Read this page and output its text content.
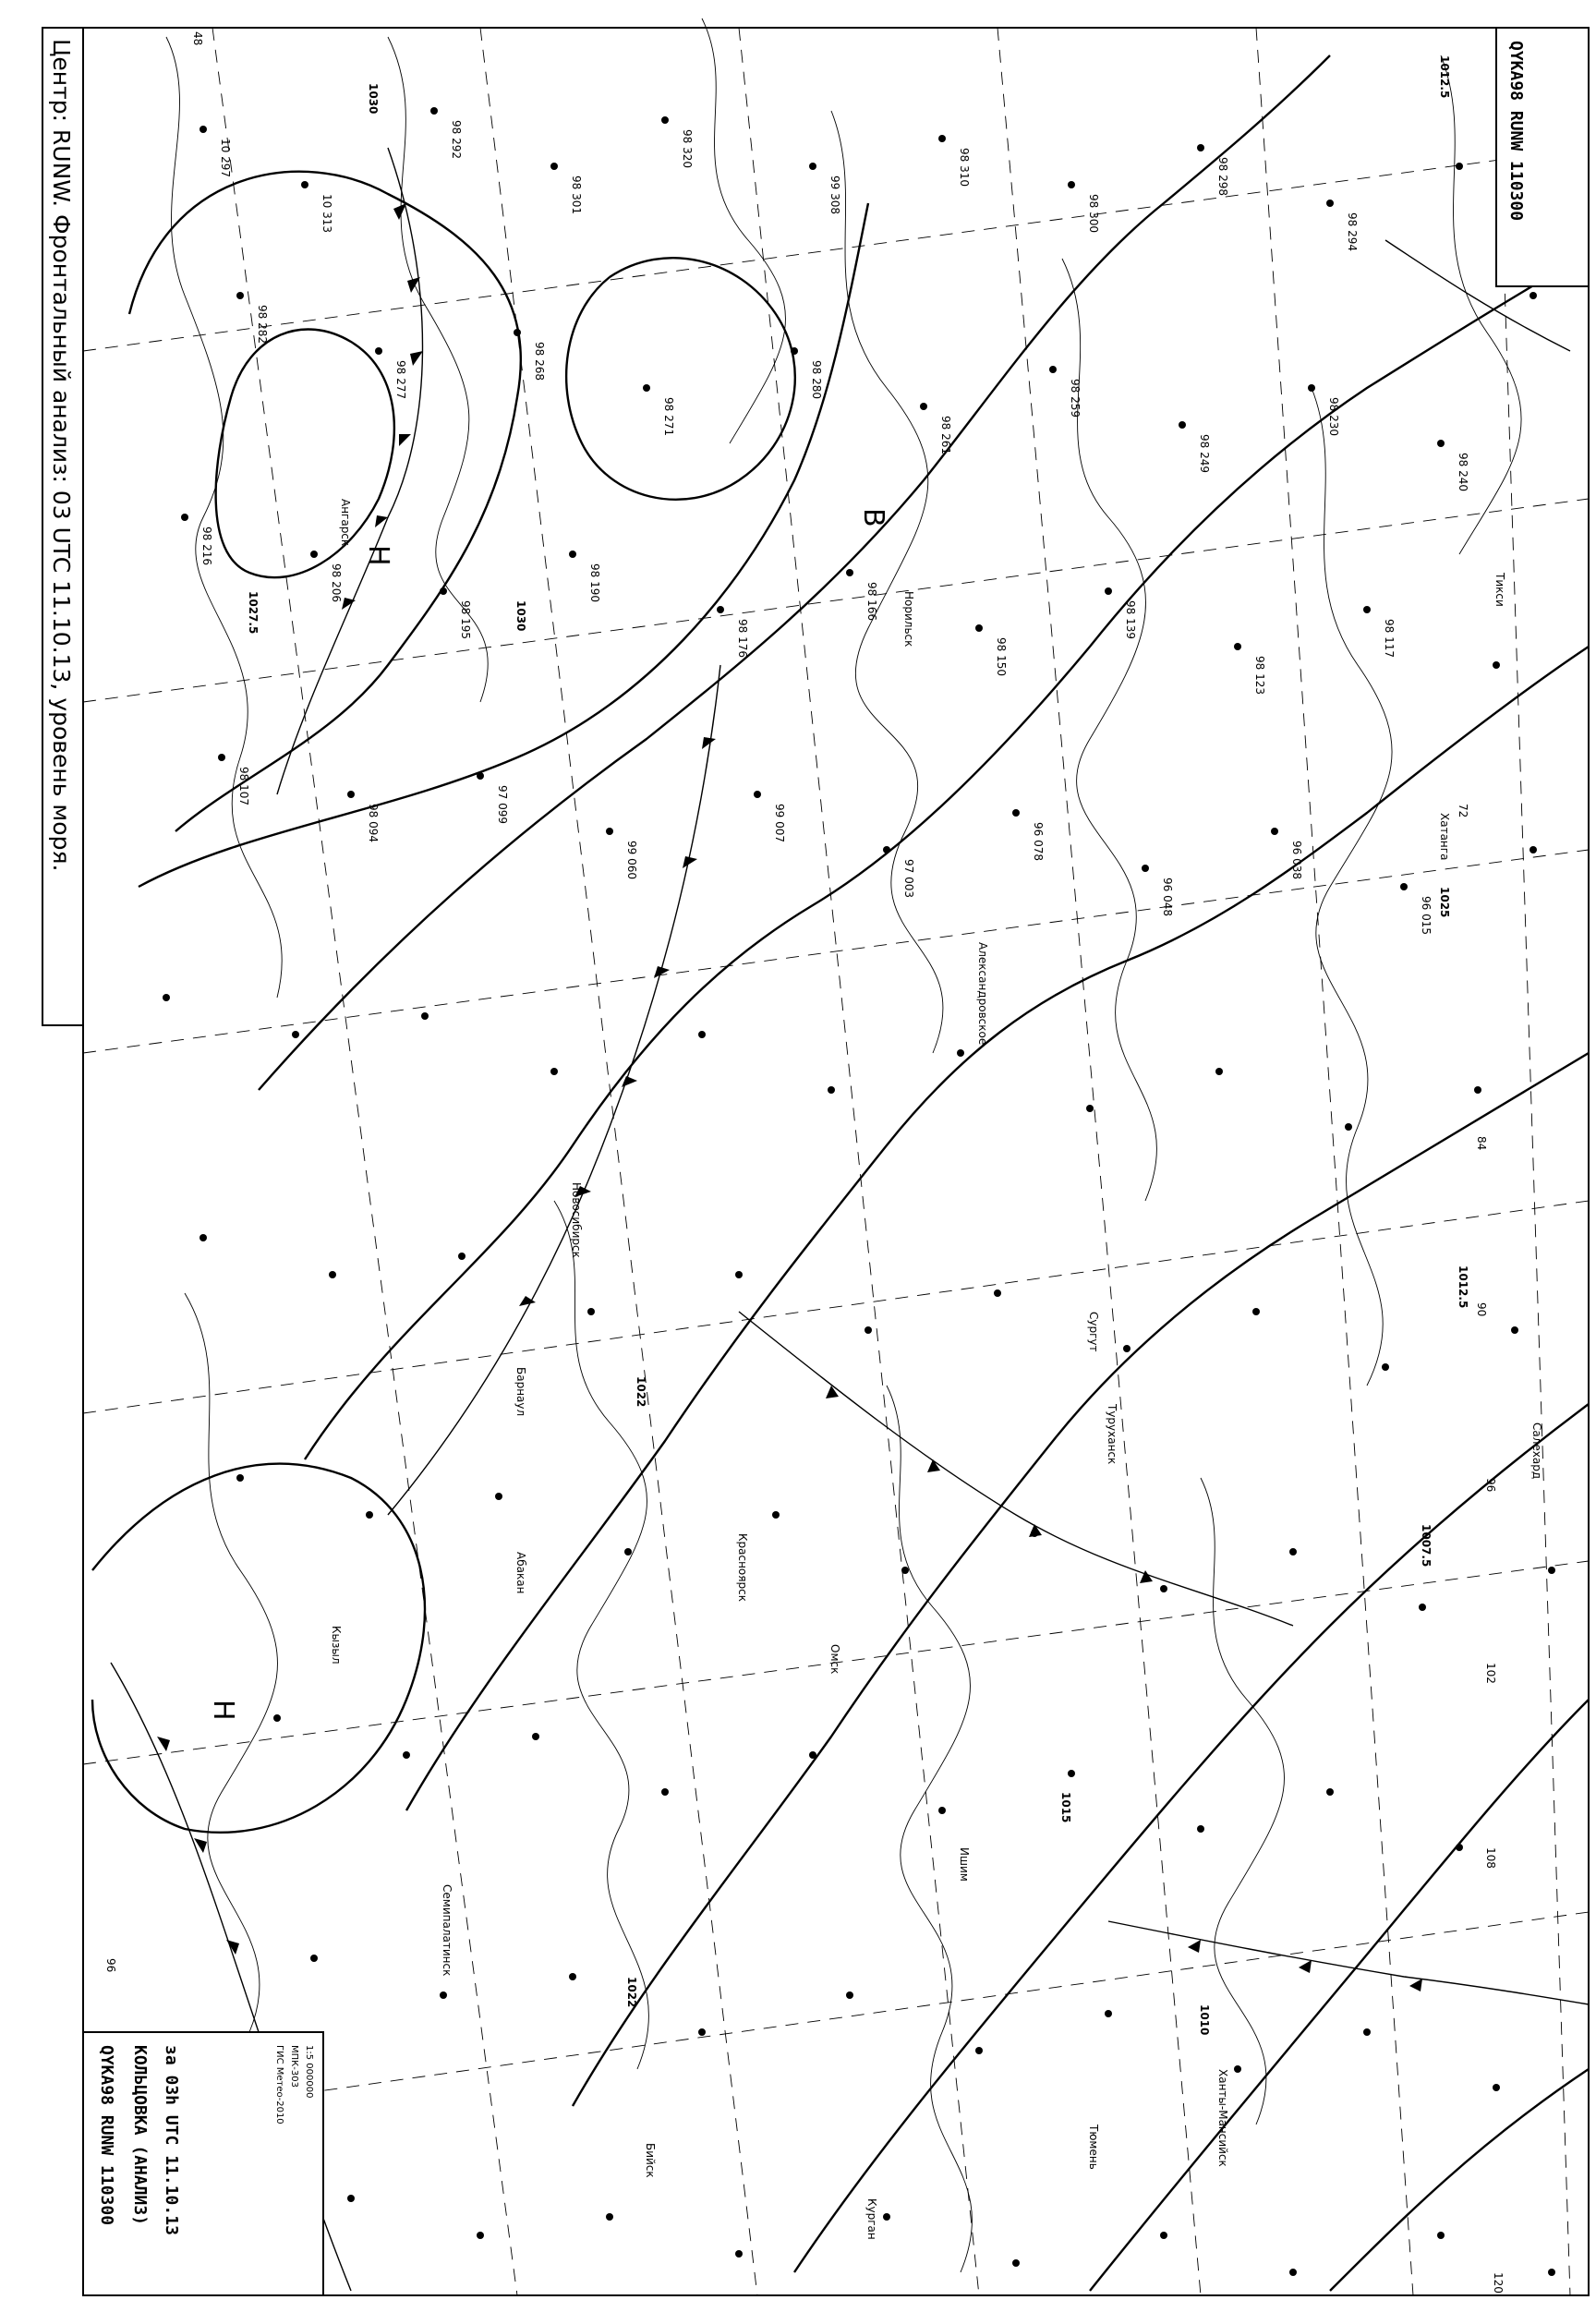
10 297
10 313
98 292
98 301
98 320
99 308
98 310
98 300
98 298
98 294
98 282
98 277	98 268
98 271
98 280
98 261
98 259
98 249
98 230
98 240
98 216
98 206
98 195
98 190
98 176
98 166
98 150
98 139
98 123
98 117
98 107
98 094	97 099
99 060
99 007
97 003
96 078
96 048
96 038
96 015
Ангарск
Норильск
Тикси
Хатанга
Александровское
Салехард
Сургут
Омск
Новосибирск
Барнаул
Красноярск
Кызыл
Абакан
Туруханск
Ханты-Мансийск
Ишим
Семипалатинск
Тюмень
Курган
Бийск
1030
1030
1027.5
1025
1022
1022
1015
1012.5
1012.5
1010
1007.5
Н
В
Н
48
72
84
90
96
102
108
120
96
Центр: RUNW. Фронтальный анализ: 03 UTC 11.10.13, уровень моря.	QYKA98 RUNW 110300
QYKA98 RUNW 110300 КОЛЬЦОВКА (АНАЛИЗ) за 03h UTC 11.10.13	ГИС Метео-2010 МПК-303 1:5 000000
